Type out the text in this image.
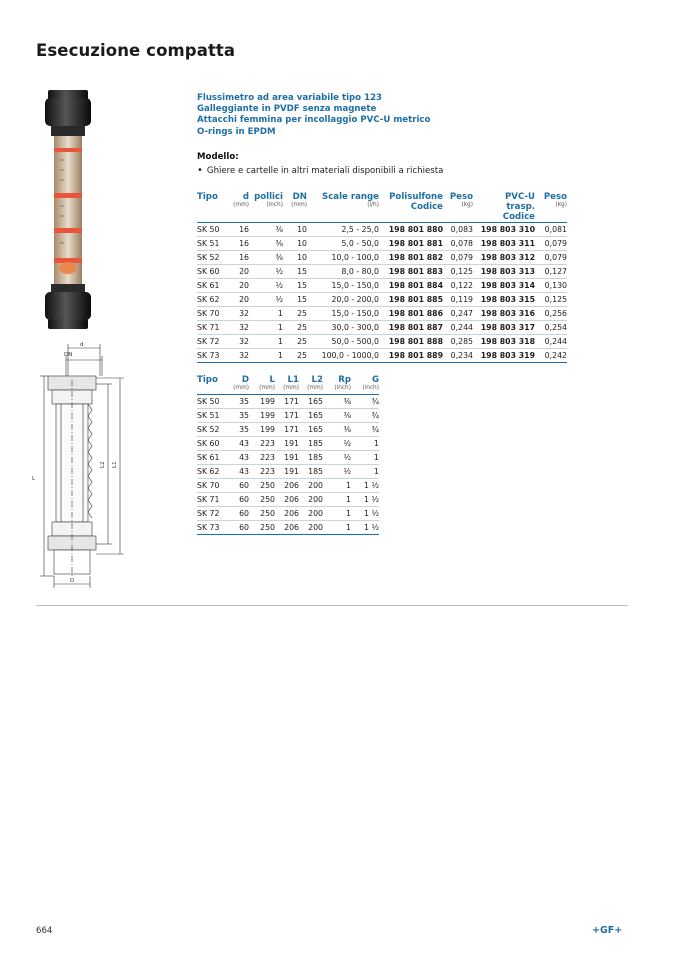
Esecuzione compatta
d
DN
L
L2 L1
D
Flussimetro ad area variabile tipo 123
Galleggiante in PVDF senza magnete
Attacchi femmina per incollaggio PVC-U metrico
O-rings in EPDM
Modello:
• Ghiere e cartelle in altri materiali disponibili a richiesta
Tipo	d	pollici	DN	Scale range	Polisulfone	Peso	PVC-U	Peso
	(mm)	(inch)	(mm)	(l/h)	Codice	(kg)	trasp.	(kg)
							Codice	

SK 50	16	⅜	10	2,5 - 25,0	198 801 880	0,083	198 803 310	0,081
SK 51	16	⅜	10	5,0 - 50,0	198 801 881	0,078	198 803 311	0,079
SK 52	16	⅜	10	10,0 - 100,0	198 801 882	0,079	198 803 312	0,079
SK 60	20	½	15	8,0 - 80,0	198 801 883	0,125	198 803 313	0,127
SK 61	20	½	15	15,0 - 150,0	198 801 884	0,122	198 803 314	0,130
SK 62	20	½	15	20,0 - 200,0	198 801 885	0,119	198 803 315	0,125
SK 70	32	1	25	15,0 - 150,0	198 801 886	0,247	198 803 316	0,256
SK 71	32	1	25	30,0 - 300,0	198 801 887	0,244	198 803 317	0,254
SK 72	32	1	25	50,0 - 500,0	198 801 888	0,285	198 803 318	0,244
SK 73	32	1	25	100,0 - 1000,0	198 801 889	0,234	198 803 319	0,242
Tipo	D	L	L1	L2	Rp	G
	(mm)	(mm)	(mm)	(mm)	(inch)	(inch)

SK 50	35	199	171	165	⅜	¾
SK 51	35	199	171	165	⅜	¾
SK 52	35	199	171	165	⅜	¾
SK 60	43	223	191	185	½	1
SK 61	43	223	191	185	½	1
SK 62	43	223	191	185	½	1
SK 70	60	250	206	200	1	1 ½
SK 71	60	250	206	200	1	1 ½
SK 72	60	250	206	200	1	1 ½
SK 73	60	250	206	200	1	1 ½
664	+GF+
